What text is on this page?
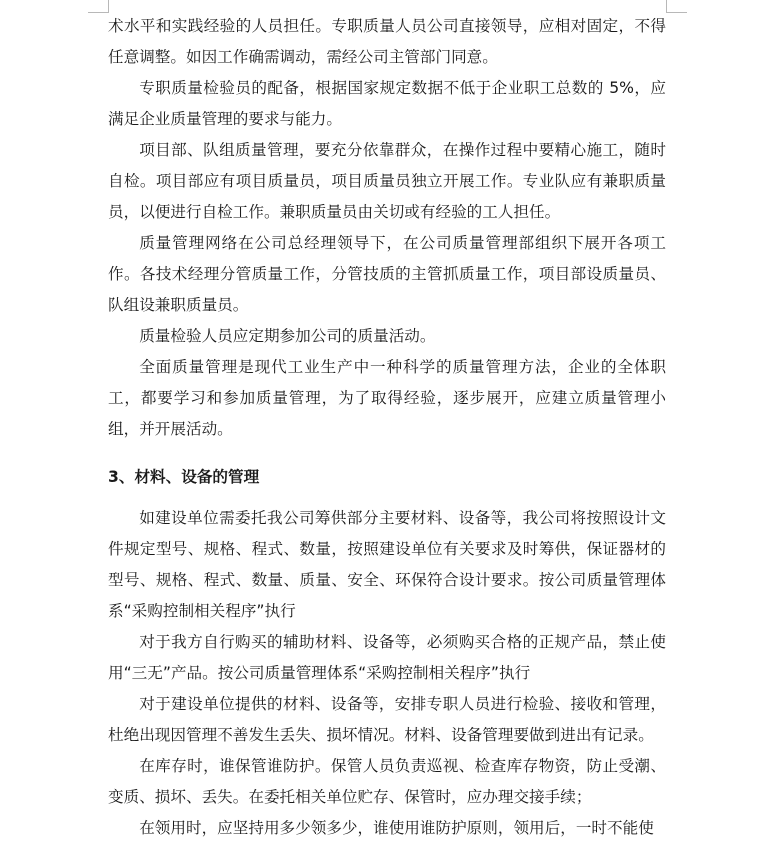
术水平和实践经验的人员担任。专职质量人员公司直接领导，应相对固定，不得任意调整。如因工作确需调动，需经公司主管部门同意。

专职质量检验员的配备，根据国家规定数据不低于企业职工总数的 5%，应满足企业质量管理的要求与能力。

项目部、队组质量管理，要充分依靠群众，在操作过程中要精心施工，随时自检。项目部应有项目质量员，项目质量员独立开展工作。专业队应有兼职质量员，以便进行自检工作。兼职质量员由关切或有经验的工人担任。

质量管理网络在公司总经理领导下，在公司质量管理部组织下展开各项工作。各技术经理分管质量工作，分管技质的主管抓质量工作，项目部设质量员、队组设兼职质量员。

质量检验人员应定期参加公司的质量活动。

全面质量管理是现代工业生产中一种科学的质量管理方法，企业的全体职工，都要学习和参加质量管理，为了取得经验，逐步展开，应建立质量管理小组，并开展活动。

3、材料、设备的管理

如建设单位需委托我公司筹供部分主要材料、设备等，我公司将按照设计文件规定型号、规格、程式、数量，按照建设单位有关要求及时筹供，保证器材的型号、规格、程式、数量、质量、安全、环保符合设计要求。按公司质量管理体系“采购控制相关程序”执行

对于我方自行购买的辅助材料、设备等，必须购买合格的正规产品，禁止使用“三无”产品。按公司质量管理体系“采购控制相关程序”执行

对于建设单位提供的材料、设备等，安排专职人员进行检验、接收和管理，杜绝出现因管理不善发生丢失、损坏情况。材料、设备管理要做到进出有记录。

在库存时，谁保管谁防护。保管人员负责巡视、检查库存物资，防止受潮、变质、损坏、丢失。在委托相关单位贮存、保管时，应办理交接手续；

在领用时，应坚持用多少领多少，谁使用谁防护原则，领用后，一时不能使
